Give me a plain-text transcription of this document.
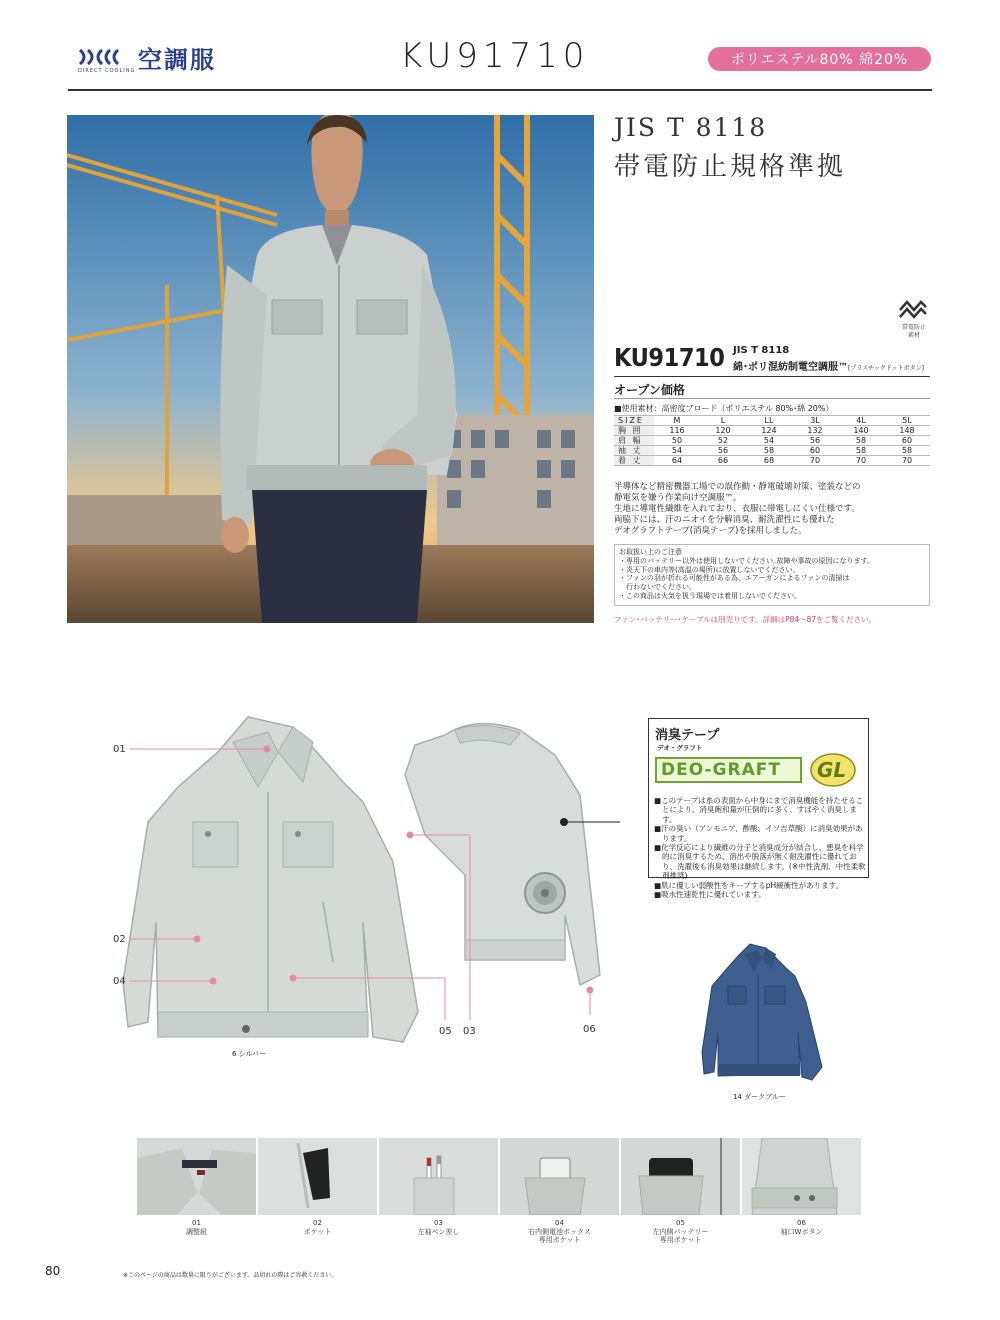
空調服
DIRECT COOLING	KU91710	ポリエステル80% 綿20%
JIS T 8118
帯電防止規格準拠
帯電防止
素材
KU91710 JIS T 8118
綿･ポリ混紡制電空調服™[プラスチックドットボタン]
オープン価格
■使用素材：高密度ブロード（ポリエステル 80%･綿 20%）
SIZE	M	L	LL	3L	4L	5L
胸 囲	116	120	124	132	140	148
肩 幅	50	52	54	56	58	60
袖 丈	54	56	58	60	58	58
着 丈	64	66	68	70	70	70
半導体など精密機器工場での誤作動・静電破壊対策、塗装などの
静電気を嫌う作業向け空調服™。
生地に導電性繊維を入れており、衣服に帯電しにくい仕様です。
両脇下には、汗のニオイを分解消臭、耐洗濯性にも優れた
デオグラフトテープ(消臭テープ)を採用しました。
お取扱い上のご注意
・専用のバッテリー以外は使用しないでください｡故障や事故の原因になります。
・炎天下の車内等(高温の場所)に放置しないでください。
・ファンの羽が折れる可能性がある為、エアーガンによるファンの清掃は
　行わないでください。
・この商品は火気を扱う現場では着用しないでください。
ファン･バッテリー･ケーブルは別売りです。詳細はP84〜87をご覧ください。
01
02
04
05 03	06
6 シルバー
消臭テープ
デオ・グラフト
DEO-GRAFT GL
■このテープは糸の表面から中身にまで消臭機能を持たせることにより、消臭飽和量が圧倒的に多く、すばやく消臭します。
■汗の臭い（アンモニア、酢酸、イソ吉草酸）に消臭効果があります。
■化学反応により繊維の分子と消臭成分が結合し、悪臭を科学的に消臭するため、溶出や脱落が無く耐洗濯性に優れており、洗濯後も消臭効果は継続します。(※中性洗剤、中性柔軟剤推奨)
■肌に優しい弱酸性をキープするpH緩衝性があります。
■吸水性速乾性に優れています。
14 ダークブルー
01
調整紐
02
ポケット
03
左袖ペン差し
04
右内側電池ボックス
専用ポケット
05
左内側バッテリー
専用ポケット
06
袖口Wボタン
80	※このページの商品は数量に限りがございます。品切れの際はご容赦ください。
